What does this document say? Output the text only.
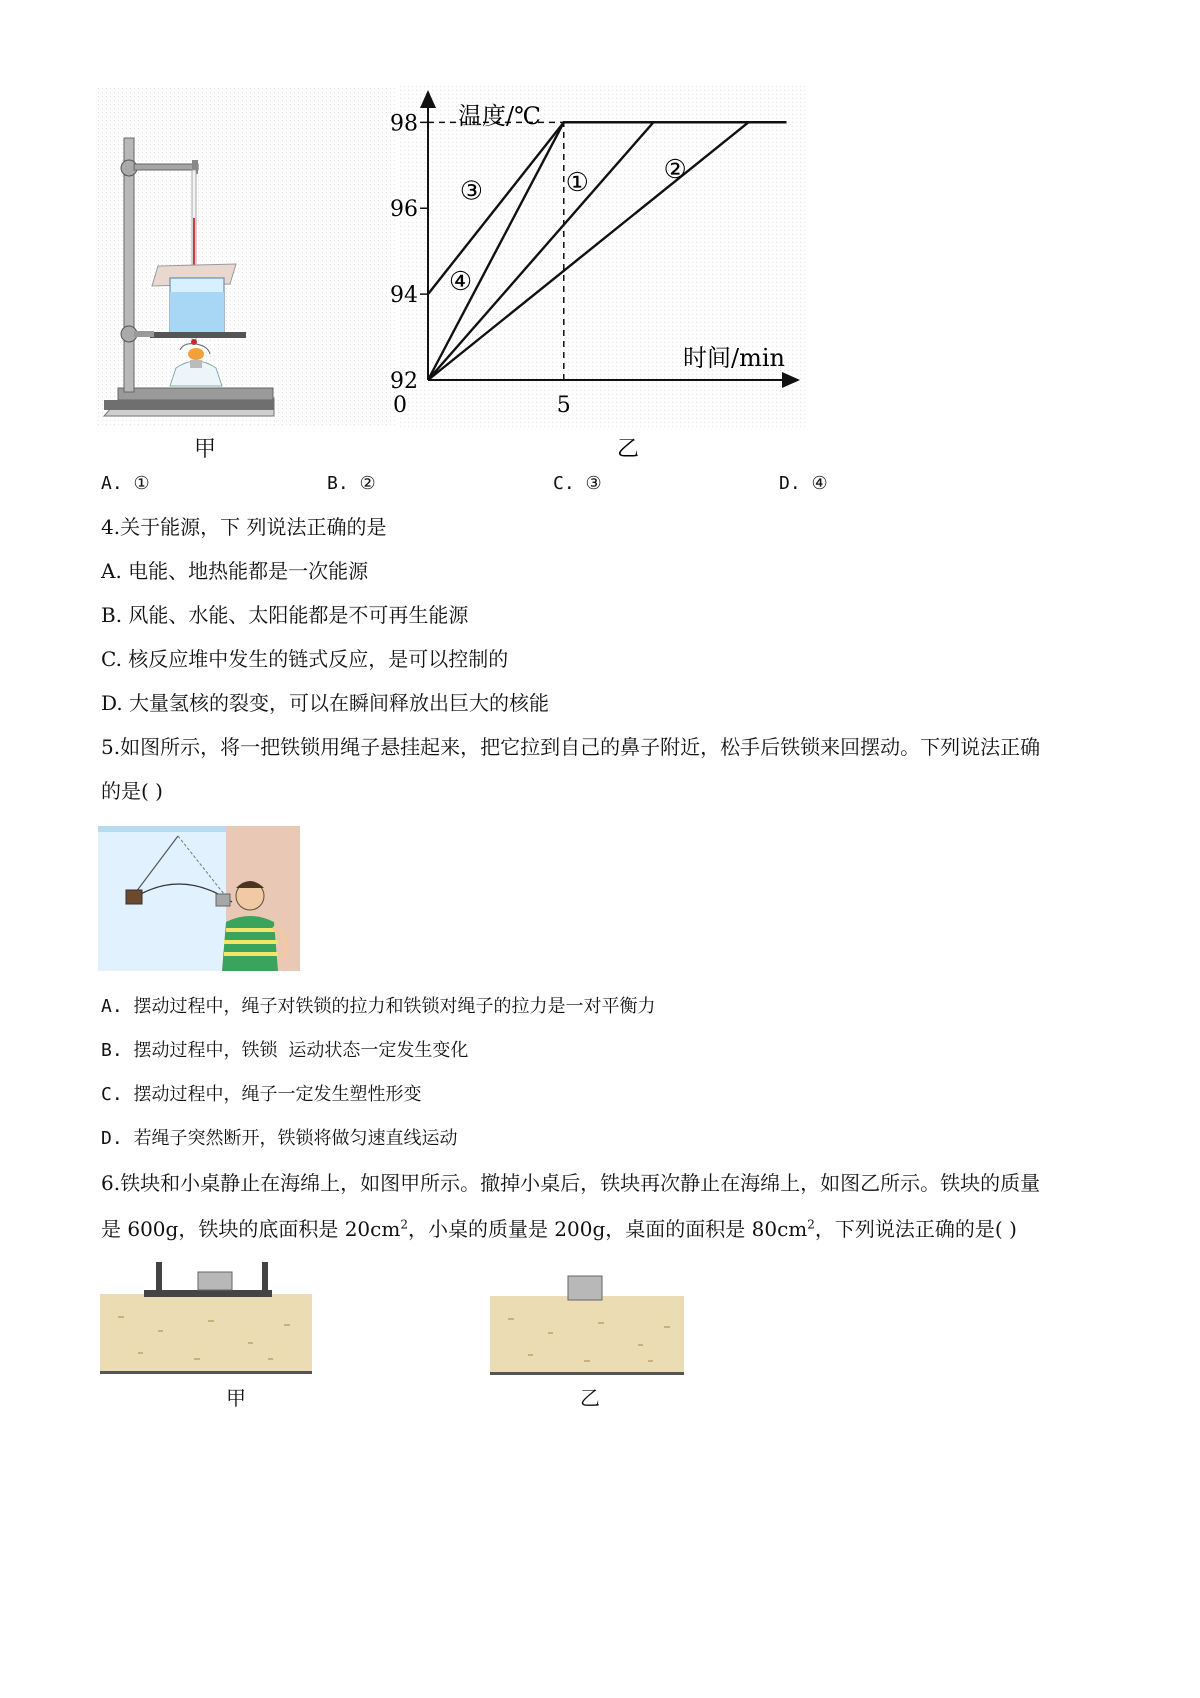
甲
92
94
96
98
0	5
温度/℃
时间/min
③
④
①	②
乙
A. ①	B. ②	C. ③	D. ④
4.关于能源，下 列说法正确的是
A. 电能、地热能都是一次能源
B. 风能、水能、太阳能都是不可再生能源
C. 核反应堆中发生的链式反应，是可以控制的
D. 大量氢核的裂变，可以在瞬间释放出巨大的核能
5.如图所示，将一把铁锁用绳子悬挂起来，把它拉到自己的鼻子附近，松手后铁锁来回摆动。下列说法正确
的是( )
A. 摆动过程中，绳子对铁锁的拉力和铁锁对绳子的拉力是一对平衡力
B. 摆动过程中，铁锁 运动状态一定发生变化
C. 摆动过程中，绳子一定发生塑性形变
D. 若绳子突然断开，铁锁将做匀速直线运动
6.铁块和小桌静止在海绵上，如图甲所示。撤掉小桌后，铁块再次静止在海绵上，如图乙所示。铁块的质量
是 600g，铁块的底面积是 $20cm^2$，小桌的质量是 200g，桌面的面积是 $80cm^2$，下列说法正确的是( )
甲	乙
